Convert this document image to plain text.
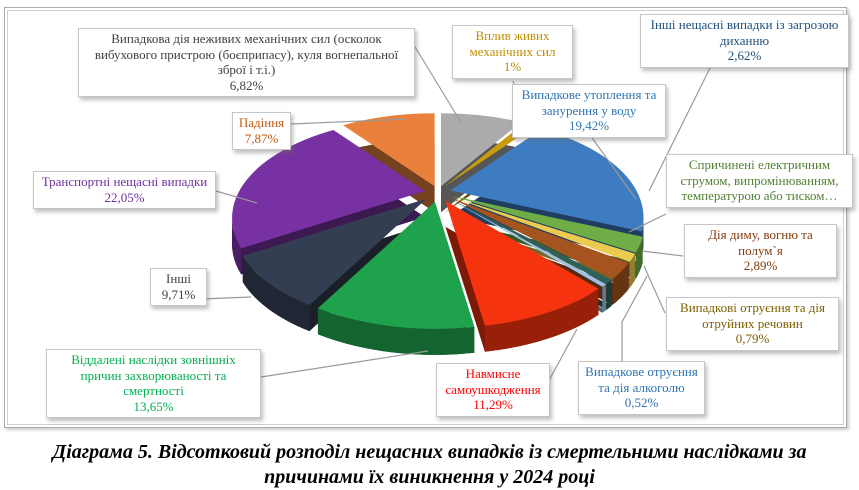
Випадкова дія неживих механічних сил (осколок вибухового пристрою (боєприпасу), куля вогнепальної зброї і т.і.)
6,82%
Вплив живих механічних сил
1%
Випадкове утоплення та занурення у воду
19,42%
Інші нещасні випадки із загрозою диханню
2,62%
Спричинені електричним струмом, випромінюванням, температурою або тиском…
Дія диму, вогню та полум`я
2,89%
Випадкові отруєння та дія отруйних речовин
0,79%
Випадкове отруєння та дія алкоголю
0,52%
Навмисне самоушкодження
11,29%
Віддалені наслідки зовнішніх причин захворюваності та смертності
13,65%
Інші
9,71%
Транспортні нещасні випадки
22,05%
Падіння
7,87%
Діаграма 5. Відсотковий розподіл нещасних випадків із смертельними наслідками за причинами їх виникнення у 2024 році
